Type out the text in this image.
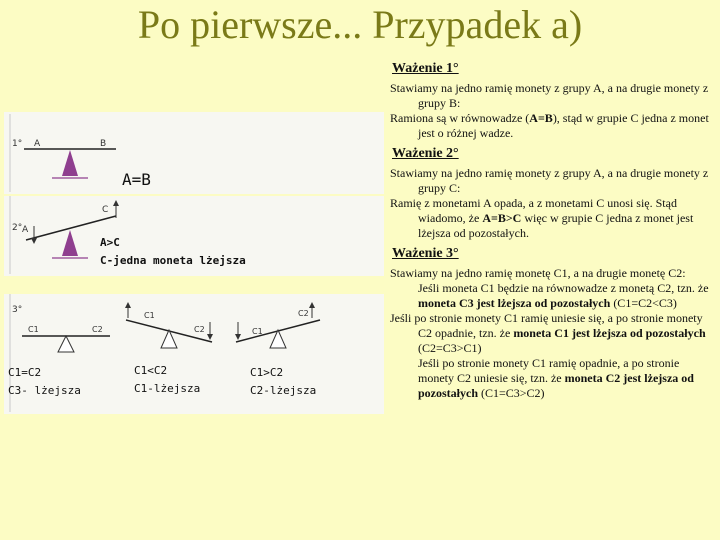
Po pierwsze... Przypadek a)
1° A	B
A=B
2°
C
A
A>C
C-jedna moneta lżejsza
3°
C1	C2
C1
C2	C1
C2
C1=C2
C3- lżejsza
C1<C2
C1-lżejsza
C1>C2
C2-lżejsza
Ważenie 1°

Stawiamy na jedno ramię monety z grupy A, a na drugie monety z grupy B:

Ramiona są w równowadze (A=B), stąd w grupie C jedna z monet jest o różnej wadze.

Ważenie 2°

Stawiamy na jedno ramię monety z grupy A, a na drugie monety z grupy C:

Ramię z monetami A opada, a z monetami C unosi się. Stąd wiadomo, że A=B>C więc w grupie C jedna z monet jest lżejsza od pozostałych.

Ważenie 3°

Stawiamy na jedno ramię monetę C1, a na drugie monetę C2:

Jeśli moneta C1 będzie na równowadze z monetą C2, tzn. że moneta C3 jest lżejsza od pozostałych (C1=C2<C3)

Jeśli po stronie monety C1 ramię uniesie się, a po stronie monety C2 opadnie, tzn. że moneta C1 jest lżejsza od pozostałych (C2=C3>C1)

Jeśli po stronie monety C1 ramię opadnie, a po stronie monety C2 uniesie się, tzn. że moneta C2 jest lżejsza od pozostałych (C1=C3>C2)
